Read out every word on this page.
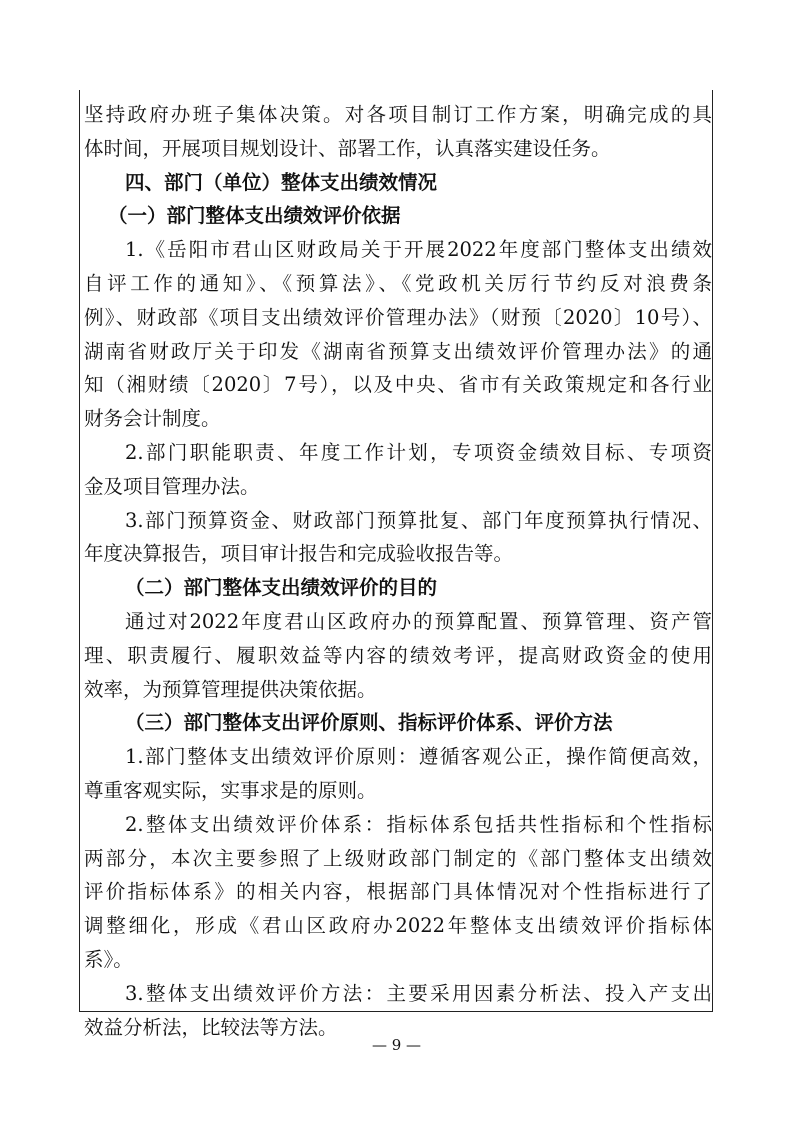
坚持政府办班子集体决策。对各项目制订工作方案，明确完成的具
体时间，开展项目规划设计、部署工作，认真落实建设任务。
四、部门（单位）整体支出绩效情况
（一）部门整体支出绩效评价依据
1.《岳阳市君山区财政局关于开展2022年度部门整体支出绩效
自评工作的通知》、《预算法》、《党政机关厉行节约反对浪费条
例》、财政部《项目支出绩效评价管理办法》（财预〔2020〕10号）、
湖南省财政厅关于印发《湖南省预算支出绩效评价管理办法》的通
知（湘财绩〔2020〕7号），以及中央、省市有关政策规定和各行业
财务会计制度。
2.部门职能职责、年度工作计划，专项资金绩效目标、专项资
金及项目管理办法。
3.部门预算资金、财政部门预算批复、部门年度预算执行情况、
年度决算报告，项目审计报告和完成验收报告等。
（二）部门整体支出绩效评价的目的
通过对2022年度君山区政府办的预算配置、预算管理、资产管
理、职责履行、履职效益等内容的绩效考评，提高财政资金的使用
效率，为预算管理提供决策依据。
（三）部门整体支出评价原则、指标评价体系、评价方法
1.部门整体支出绩效评价原则：遵循客观公正，操作简便高效，
尊重客观实际，实事求是的原则。
2.整体支出绩效评价体系：指标体系包括共性指标和个性指标
两部分，本次主要参照了上级财政部门制定的《部门整体支出绩效
评价指标体系》的相关内容，根据部门具体情况对个性指标进行了
调整细化，形成《君山区政府办2022年整体支出绩效评价指标体
系》。
3.整体支出绩效评价方法：主要采用因素分析法、投入产支出
效益分析法，比较法等方法。
— 9 —
